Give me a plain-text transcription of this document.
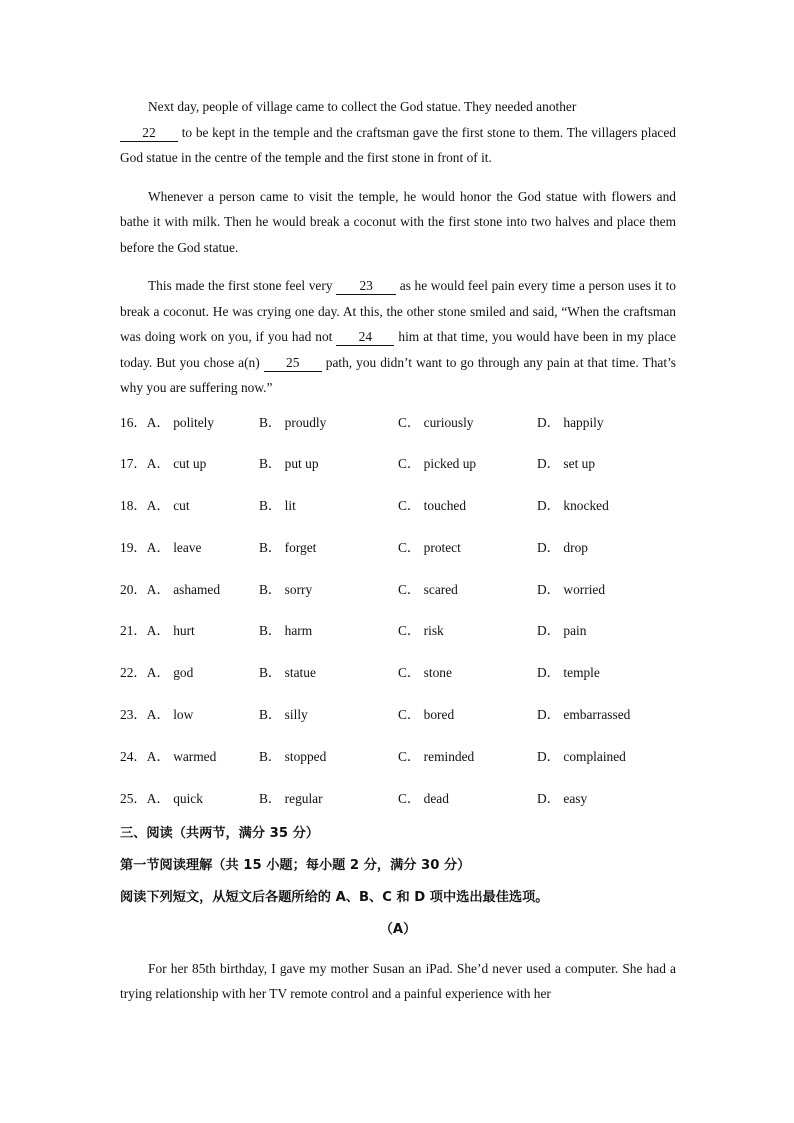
Next day, people of village came to collect the God statue. They needed another
22 to be kept in the temple and the craftsman gave the first stone to them. The villagers placed God statue in the centre of the temple and the first stone in front of it.

Whenever a person came to visit the temple, he would honor the God statue with flowers and bathe it with milk. Then he would break a coconut with the first stone into two halves and place them before the God statue.

This made the first stone feel very 23 as he would feel pain every time a person uses it to break a coconut. He was crying one day. At this, the other stone smiled and said, “When the craftsman was doing work on you, if you had not 24 him at that time, you would have been in my place today. But you chose a(n) 25 path, you didn’t want to go through any pain at that time. That’s why you are suffering now.”

16．A． politely	B． proudly	C． curiously	D． happily
17．A． cut up	B． put up	C． picked up	D． set up
18．A． cut	B． lit	C． touched	D． knocked
19．A． leave	B． forget	C． protect	D． drop
20．A． ashamed	B． sorry	C． scared	D． worried
21．A． hurt	B． harm	C． risk	D． pain
22．A． god	B． statue	C． stone	D． temple
23．A． low	B． silly	C． bored	D． embarrassed
24．A． warmed	B． stopped	C． reminded	D． complained
25．A． quick	B． regular	C． dead	D． easy

三、阅读（共两节，满分 35 分）

第一节阅读理解（共 15 小题；每小题 2 分，满分 30 分）

阅读下列短文，从短文后各题所给的 A、B、C 和 D 项中选出最佳选项。

（A）

For her 85th birthday, I gave my mother Susan an iPad. She’d never used a computer. She had a trying relationship with her TV remote control and a painful experience with her
